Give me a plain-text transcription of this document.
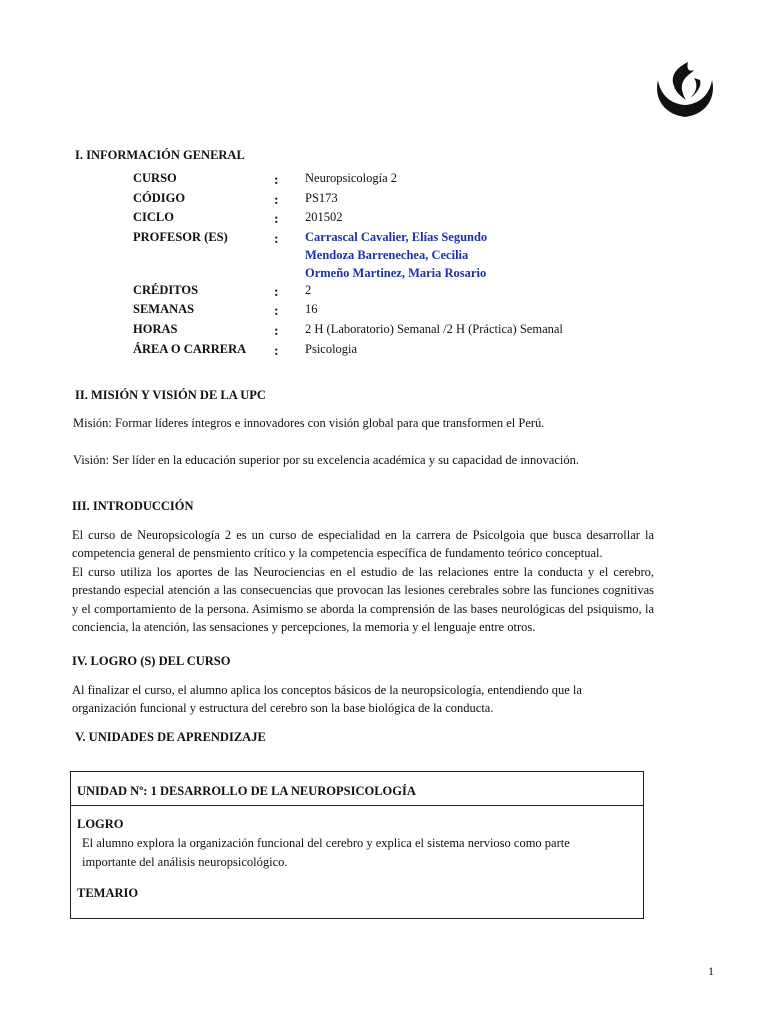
I. INFORMACIÓN GENERAL
CURSO	: Neuropsicología 2
CÓDIGO	: PS173
CICLO	: 201502
PROFESOR (ES)	: Carrascal Cavalier, Elías Segundo
Mendoza Barrenechea, Cecilia
Ormeño Martinez, Maria Rosario
CRÉDITOS	: 2
SEMANAS	: 16
HORAS	: 2 H (Laboratorio) Semanal /2 H (Práctica) Semanal
ÁREA O CARRERA : Psicologia
II. MISIÓN Y VISIÓN DE LA UPC
Misión: Formar líderes íntegros e innovadores con visión global para que transformen el Perú.
Visión: Ser líder en la educación superior por su excelencia académica y su capacidad de innovación.
III. INTRODUCCIÓN
El curso de Neuropsicología 2 es un curso de especialidad en la carrera de Psicolgoia que busca desarrollar la competencia general de pensmiento crítico y la competencia específica de fundamento teórico conceptual.
El curso utiliza los aportes de las Neurociencias en el estudio de las relaciones entre la conducta y el cerebro, prestando especial atención a las consecuencias que provocan las lesiones cerebrales sobre las funciones cognitivas y el comportamiento de la persona. Asimismo se aborda la comprensión de las bases neurológicas del psiquismo, la conciencia, la atención, las sensaciones y percepciones, la memoria y el lenguaje entre otros.
IV. LOGRO (S) DEL CURSO
Al finalizar el curso, el alumno aplica los conceptos básicos de la neuropsicología, entendiendo que la organización funcional y estructura del cerebro son la base biológica de la conducta.
V. UNIDADES DE APRENDIZAJE
UNIDAD Nº: 1 DESARROLLO DE LA NEUROPSICOLOGÍA
LOGRO
El alumno explora la organización funcional del cerebro y explica el sistema nervioso como parte importante del análisis neuropsicológico.
TEMARIO
1
